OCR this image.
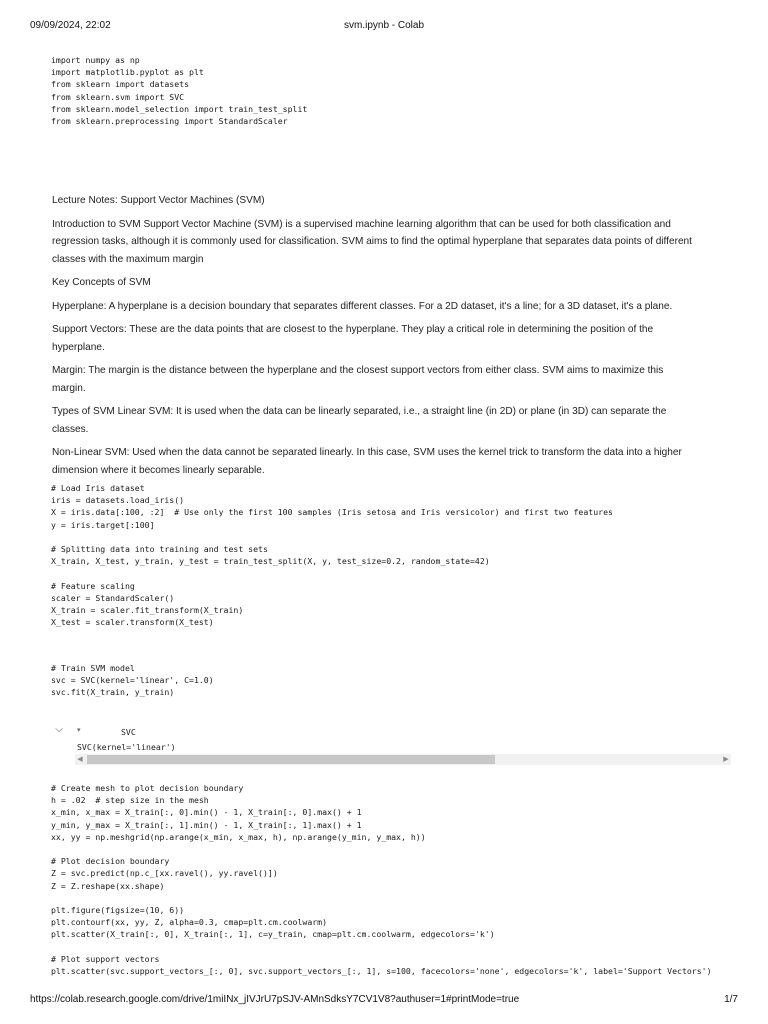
09/09/2024, 22:02	svm.ipynb - Colab
import numpy as np
import matplotlib.pyplot as plt
from sklearn import datasets
from sklearn.svm import SVC
from sklearn.model_selection import train_test_split
from sklearn.preprocessing import StandardScaler

Lecture Notes: Support Vector Machines (SVM)

Introduction to SVM Support Vector Machine (SVM) is a supervised machine learning algorithm that can be used for both classification and regression tasks, although it is commonly used for classification. SVM aims to find the optimal hyperplane that separates data points of different classes with the maximum margin

Key Concepts of SVM

Hyperplane: A hyperplane is a decision boundary that separates different classes. For a 2D dataset, it's a line; for a 3D dataset, it's a plane.

Support Vectors: These are the data points that are closest to the hyperplane. They play a critical role in determining the position of the hyperplane.

Margin: The margin is the distance between the hyperplane and the closest support vectors from either class. SVM aims to maximize this margin.

Types of SVM Linear SVM: It is used when the data can be linearly separated, i.e., a straight line (in 2D) or plane (in 3D) can separate the classes.

Non-Linear SVM: Used when the data cannot be separated linearly. In this case, SVM uses the kernel trick to transform the data into a higher dimension where it becomes linearly separable.

# Load Iris dataset
iris = datasets.load_iris()
X = iris.data[:100, :2]  # Use only the first 100 samples (Iris setosa and Iris versicolor) and first two features
y = iris.target[:100]
# Splitting data into training and test sets
X_train, X_test, y_train, y_test = train_test_split(X, y, test_size=0.2, random_state=42)
# Feature scaling
scaler = StandardScaler()
X_train = scaler.fit_transform(X_train)
X_test = scaler.transform(X_test)
# Train SVM model
svc = SVC(kernel='linear', C=1.0)
svc.fit(X_train, y_train)
⌵	▾	SVC
SVC(kernel='linear')
◀	▶
# Create mesh to plot decision boundary
h = .02  # step size in the mesh
x_min, x_max = X_train[:, 0].min() - 1, X_train[:, 0].max() + 1
y_min, y_max = X_train[:, 1].min() - 1, X_train[:, 1].max() + 1
xx, yy = np.meshgrid(np.arange(x_min, x_max, h), np.arange(y_min, y_max, h))
# Plot decision boundary
Z = svc.predict(np.c_[xx.ravel(), yy.ravel()])
Z = Z.reshape(xx.shape)
plt.figure(figsize=(10, 6))
plt.contourf(xx, yy, Z, alpha=0.3, cmap=plt.cm.coolwarm)
plt.scatter(X_train[:, 0], X_train[:, 1], c=y_train, cmap=plt.cm.coolwarm, edgecolors='k')
# Plot support vectors
plt.scatter(svc.support_vectors_[:, 0], svc.support_vectors_[:, 1], s=100, facecolors='none', edgecolors='k', label='Support Vectors')
https://colab.research.google.com/drive/1miINx_jIVJrU7pSJV-AMnSdksY7CV1V8?authuser=1#printMode=true	1/7
